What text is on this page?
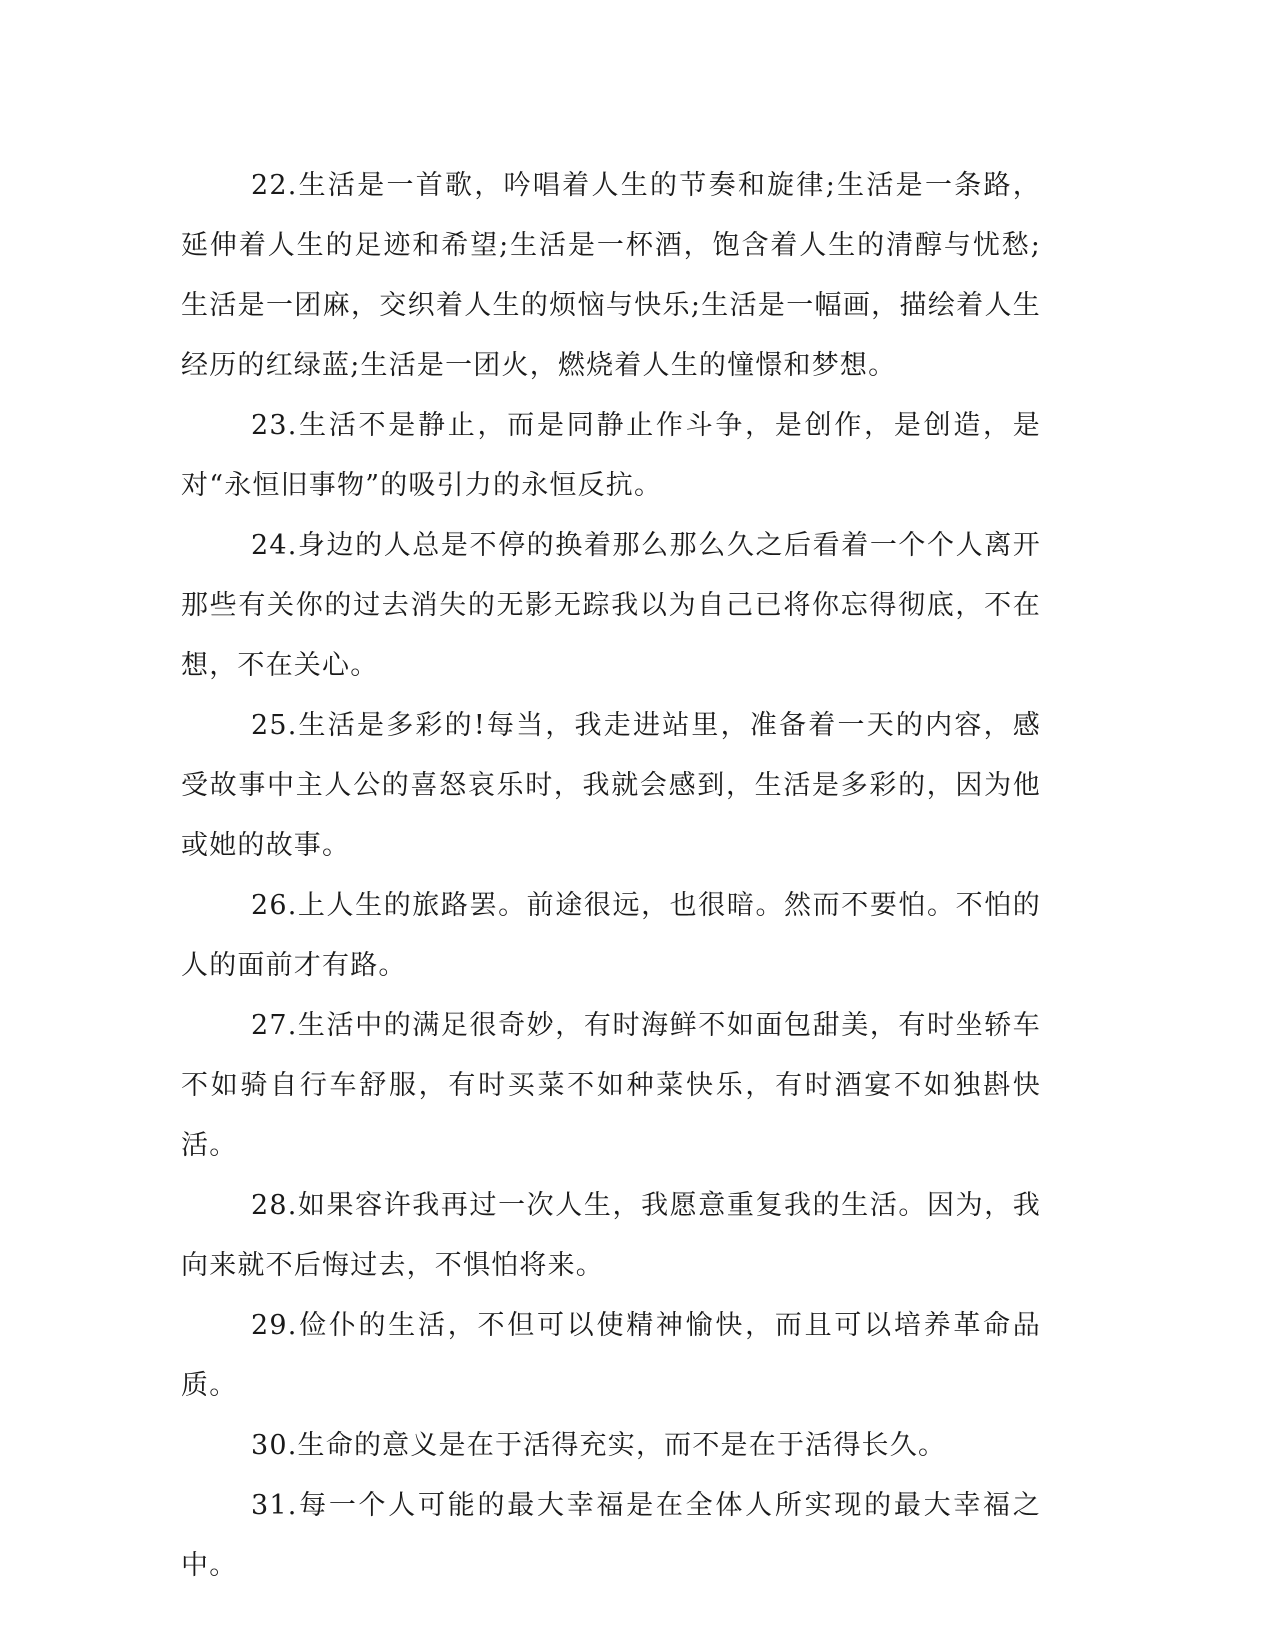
22.生活是一首歌，吟唱着人生的节奏和旋律;生活是一条路，延伸着人生的足迹和希望;生活是一杯酒，饱含着人生的清醇与忧愁;生活是一团麻，交织着人生的烦恼与快乐;生活是一幅画，描绘着人生经历的红绿蓝;生活是一团火，燃烧着人生的憧憬和梦想。

23.生活不是静止，而是同静止作斗争，是创作，是创造，是对“永恒旧事物”的吸引力的永恒反抗。

24.身边的人总是不停的换着那么那么久之后看着一个个人离开那些有关你的过去消失的无影无踪我以为自己已将你忘得彻底，不在想，不在关心。

25.生活是多彩的!每当，我走进站里，准备着一天的内容，感受故事中主人公的喜怒哀乐时，我就会感到，生活是多彩的，因为他或她的故事。

26.上人生的旅路罢。前途很远，也很暗。然而不要怕。不怕的人的面前才有路。

27.生活中的满足很奇妙，有时海鲜不如面包甜美，有时坐轿车不如骑自行车舒服，有时买菜不如种菜快乐，有时酒宴不如独斟快活。

28.如果容许我再过一次人生，我愿意重复我的生活。因为，我向来就不后悔过去，不惧怕将来。

29.俭仆的生活，不但可以使精神愉快，而且可以培养革命品质。

30.生命的意义是在于活得充实，而不是在于活得长久。

31.每一个人可能的最大幸福是在全体人所实现的最大幸福之中。
